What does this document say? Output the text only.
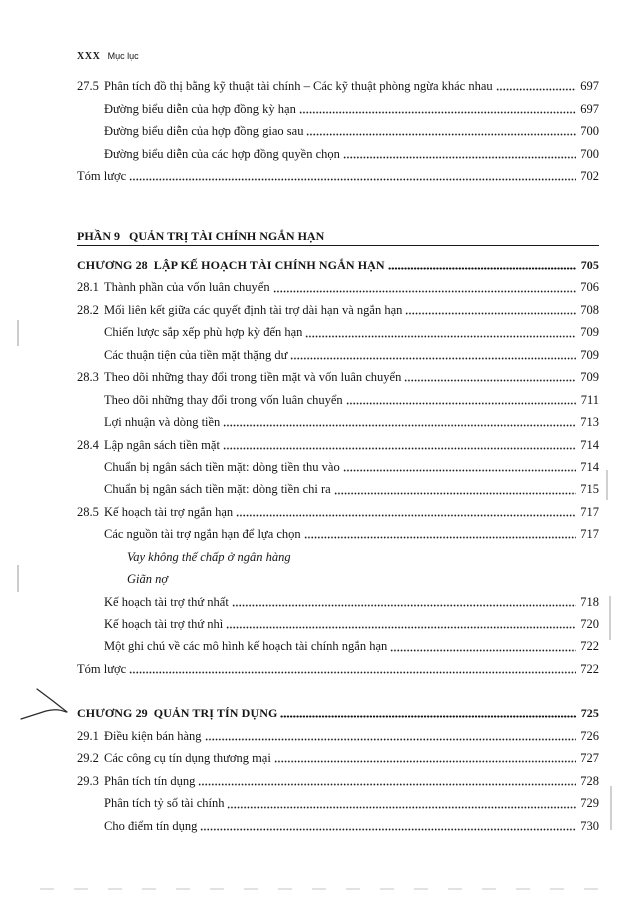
XXX Mục lục
27.5 Phân tích đồ thị bằng kỹ thuật tài chính – Các kỹ thuật phòng ngừa khác nhau	697
Đường biểu diễn của hợp đồng kỳ hạn	697
Đường biểu diễn của hợp đồng giao sau	700
Đường biểu diễn của các hợp đồng quyền chọn	700
Tóm lược	702
PHẦN 9 QUẢN TRỊ TÀI CHÍNH NGẮN HẠN
CHƯƠNG 28 LẬP KẾ HOẠCH TÀI CHÍNH NGẮN HẠN	705
28.1 Thành phần của vốn luân chuyển	706
28.2 Mối liên kết giữa các quyết định tài trợ dài hạn và ngắn hạn	708
Chiến lược sắp xếp phù hợp kỳ đến hạn	709
Các thuận tiện của tiền mặt thặng dư	709
28.3 Theo dõi những thay đổi trong tiền mặt và vốn luân chuyển	709
Theo dõi những thay đổi trong vốn luân chuyển	711
Lợi nhuận và dòng tiền	713
28.4 Lập ngân sách tiền mặt	714
Chuẩn bị ngân sách tiền mặt: dòng tiền thu vào	714
Chuẩn bị ngân sách tiền mặt: dòng tiền chi ra	715
28.5 Kế hoạch tài trợ ngắn hạn	717
Các nguồn tài trợ ngắn hạn để lựa chọn	717
Vay không thế chấp ở ngân hàng
Giãn nợ
Kế hoạch tài trợ thứ nhất	718
Kế hoạch tài trợ thứ nhì	720
Một ghi chú về các mô hình kế hoạch tài chính ngắn hạn	722
Tóm lược	722
CHƯƠNG 29 QUẢN TRỊ TÍN DỤNG	725
29.1 Điều kiện bán hàng	726
29.2 Các công cụ tín dụng thương mại	727
29.3 Phân tích tín dụng	728
Phân tích tỷ số tài chính	729
Cho điểm tín dụng	730
